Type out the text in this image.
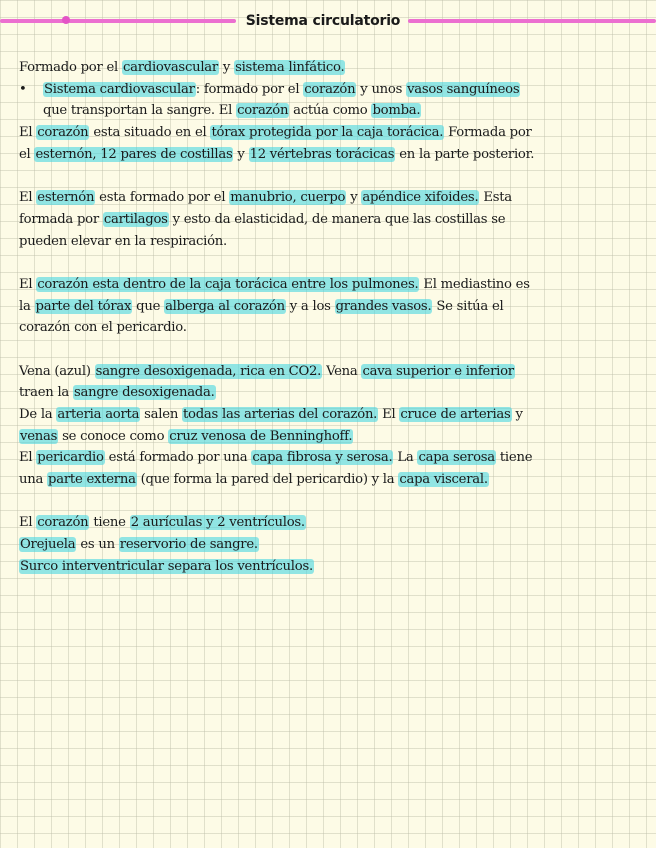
Sistema circulatorio
Formado por el cardiovascular y sistema linfático.
• Sistema cardiovascular: formado por el corazón y unos vasos sanguíneos
que transportan la sangre. El corazón actúa como bomba.
El corazón esta situado en el tórax protegida por la caja torácica. Formada por
el esternón, 12 pares de costillas y 12 vértebras torácicas en la parte posterior.
El esternón esta formado por el manubrio, cuerpo y apéndice xifoides. Esta
formada por cartilagos y esto da elasticidad, de manera que las costillas se
pueden elevar en la respiración.
El corazón esta dentro de la caja torácica entre los pulmones. El mediastino es
la parte del tórax que alberga al corazón y a los grandes vasos. Se sitúa el
corazón con el pericardio.
Vena (azul) sangre desoxigenada, rica en CO2. Vena cava superior e inferior
traen la sangre desoxigenada.
De la arteria aorta salen todas las arterias del corazón. El cruce de arterias y
venas se conoce como cruz venosa de Benninghoff.
El pericardio está formado por una capa fibrosa y serosa. La capa serosa tiene
una parte externa (que forma la pared del pericardio) y la capa visceral.
El corazón tiene 2 aurículas y 2 ventrículos.
Orejuela es un reservorio de sangre.
Surco interventricular separa los ventrículos.
